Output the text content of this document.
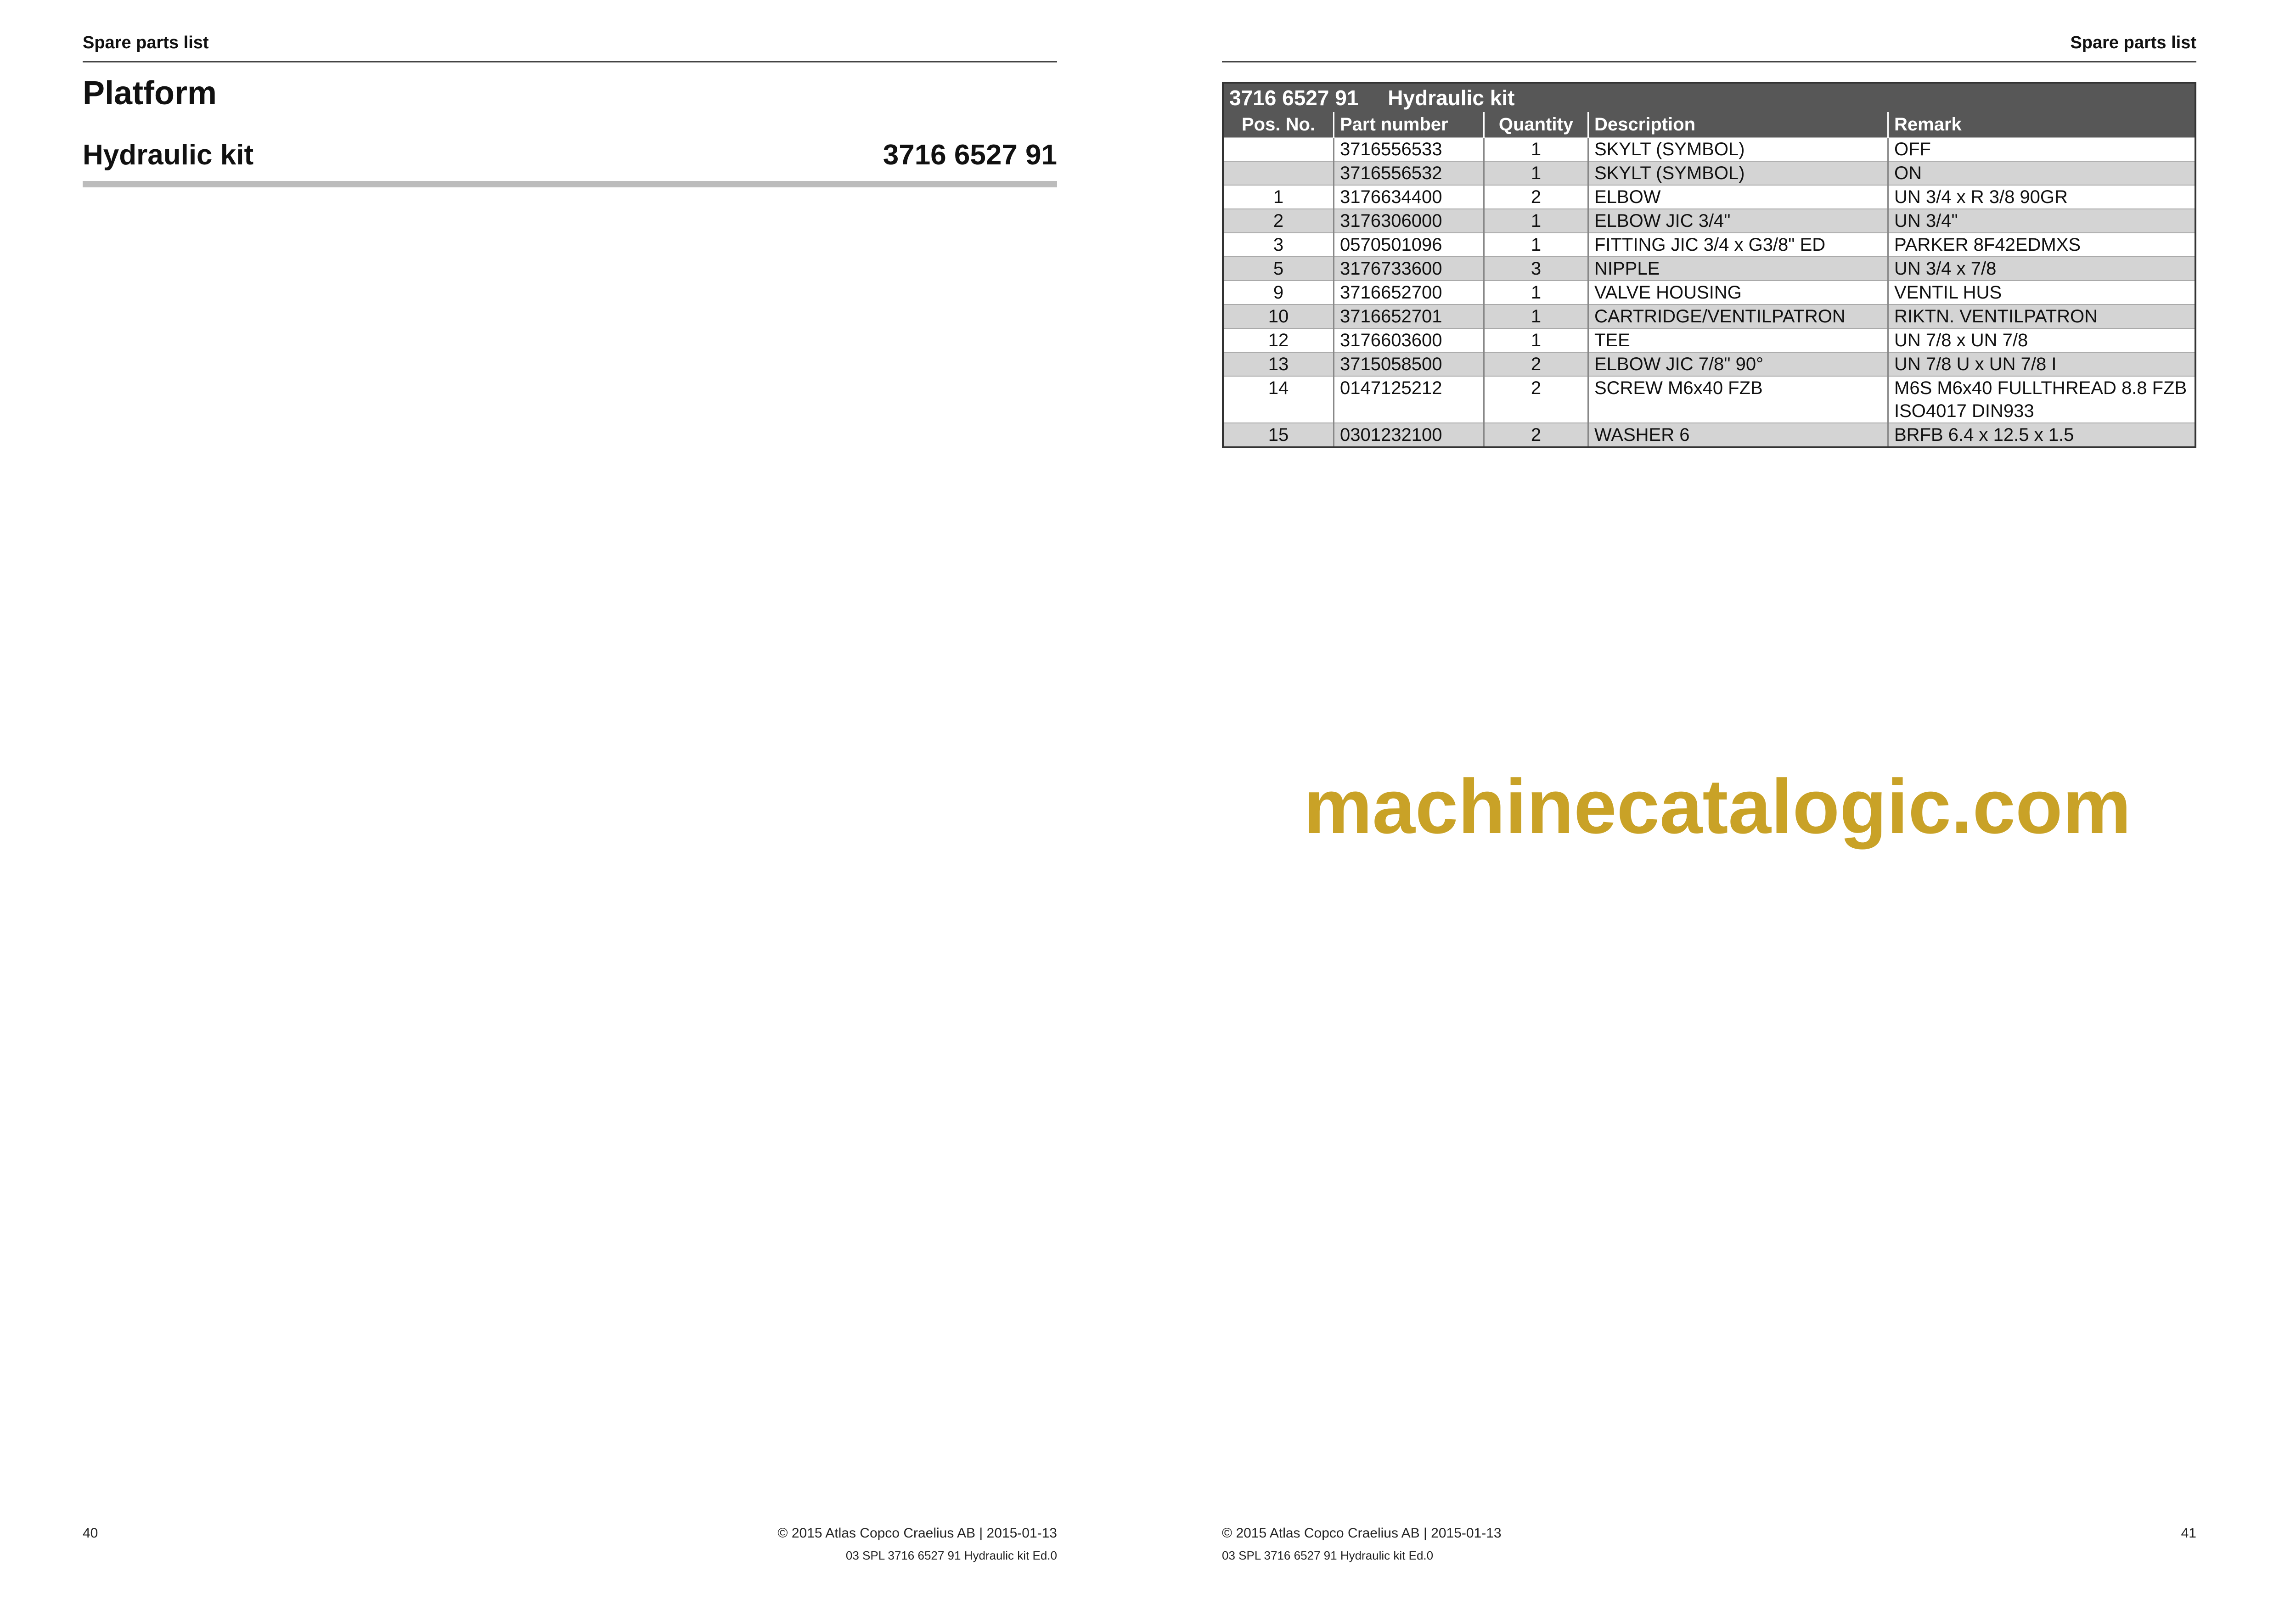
Spare parts list
Platform
Hydraulic kit	3716 6527 91
40	© 2015 Atlas Copco Craelius AB | 2015-01-13
03 SPL 3716 6527 91 Hydraulic kit Ed.0
Spare parts list
3716 6527 91 Hydraulic kit				
Pos. No.	Part number	Quantity	Description	Remark
	3716556533	1	SKYLT (SYMBOL)	OFF
	3716556532	1	SKYLT (SYMBOL)	ON
1	3176634400	2	ELBOW	UN 3/4 x R 3/8 90GR
2	3176306000	1	ELBOW JIC 3/4"	UN 3/4"
3	0570501096	1	FITTING JIC 3/4 x G3/8" ED	PARKER 8F42EDMXS
5	3176733600	3	NIPPLE	UN 3/4 x 7/8
9	3716652700	1	VALVE HOUSING	VENTIL HUS
10	3716652701	1	CARTRIDGE/VENTILPATRON	RIKTN. VENTILPATRON
12	3176603600	1	TEE	UN 7/8 x UN 7/8
13	3715058500	2	ELBOW JIC 7/8" 90°	UN 7/8 U x UN 7/8 I
14	0147125212	2	SCREW M6x40 FZB	M6S M6x40 FULLTHREAD 8.8 FZB
ISO4017 DIN933
15	0301232100	2	WASHER 6	BRFB 6.4 x 12.5 x 1.5
© 2015 Atlas Copco Craelius AB | 2015-01-13
03 SPL 3716 6527 91 Hydraulic kit Ed.0
41
machinecatalogic.com
